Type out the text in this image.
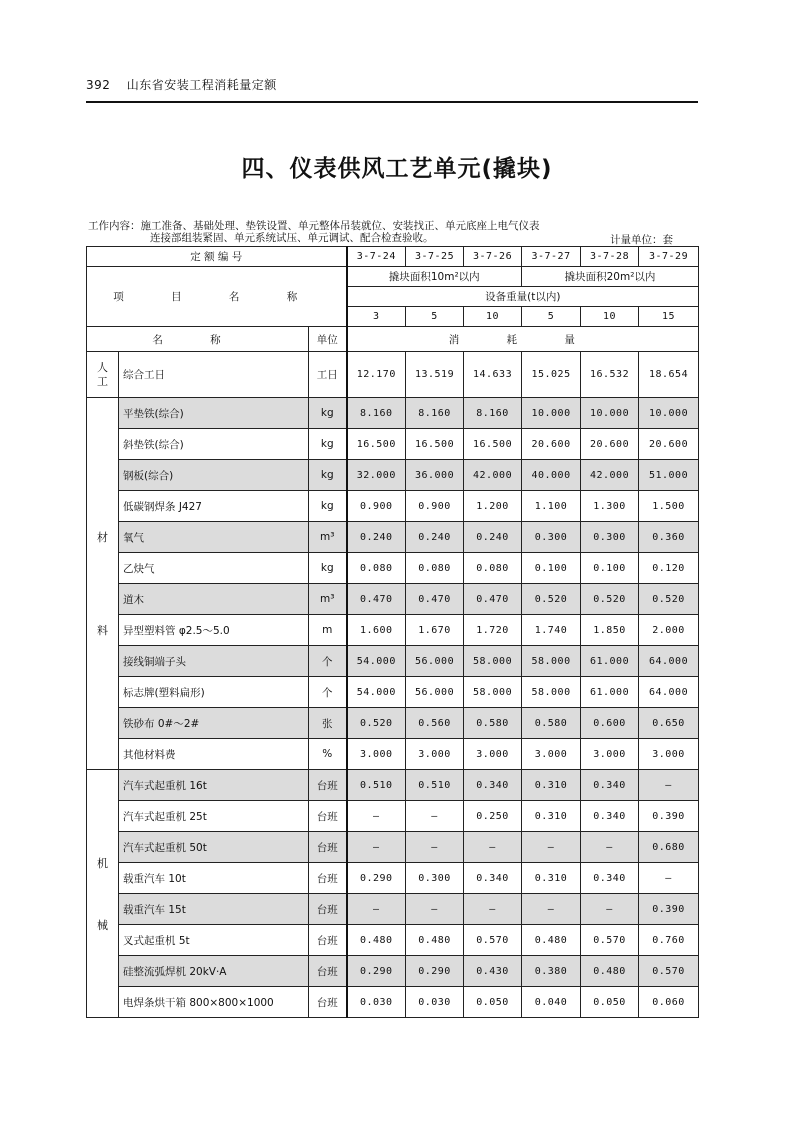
392 山东省安装工程消耗量定额
四、仪表供风工艺单元(撬块)
工作内容：施工准备、基础处理、垫铁设置、单元整体吊装就位、安装找正、单元底座上电气仪表
连接部组装紧固、单元系统试压、单元调试、配合检查验收。	计量单位：套
定 额 编 号			3-7-24	3-7-25	3-7-26	3-7-27	3-7-28	3-7-29
项 目 名 称			撬块面积10m²以内			撬块面积20m²以内		
			设备重量(t以内)					
			3	5	10	5	10	15
名 称		单位	消 耗 量					
人工	综合工日	工日	12.170	13.519	14.633	15.025	16.532	18.654

材
料	平垫铁(综合)	kg	8.160	8.160	8.160	10.000	10.000	10.000
	斜垫铁(综合)	kg	16.500	16.500	16.500	20.600	20.600	20.600
	钢板(综合)	kg	32.000	36.000	42.000	40.000	42.000	51.000
	低碳钢焊条 J427	kg	0.900	0.900	1.200	1.100	1.300	1.500
	氧气	m³	0.240	0.240	0.240	0.300	0.300	0.360
	乙炔气	kg	0.080	0.080	0.080	0.100	0.100	0.120
	道木	m³	0.470	0.470	0.470	0.520	0.520	0.520
	异型塑料管 φ2.5～5.0	m	1.600	1.670	1.720	1.740	1.850	2.000
	接线铜端子头	个	54.000	56.000	58.000	58.000	61.000	64.000
	标志牌(塑料扁形)	个	54.000	56.000	58.000	58.000	61.000	64.000
	铁砂布 0#～2#	张	0.520	0.560	0.580	0.580	0.600	0.650
	其他材料费	%	3.000	3.000	3.000	3.000	3.000	3.000

机
械	汽车式起重机 16t	台班	0.510	0.510	0.340	0.310	0.340	—
	汽车式起重机 25t	台班	—	—	0.250	0.310	0.340	0.390
	汽车式起重机 50t	台班	—	—	—	—	—	0.680
	载重汽车 10t	台班	0.290	0.300	0.340	0.310	0.340	—
	载重汽车 15t	台班	—	—	—	—	—	0.390
	叉式起重机 5t	台班	0.480	0.480	0.570	0.480	0.570	0.760
	硅整流弧焊机 20kV·A	台班	0.290	0.290	0.430	0.380	0.480	0.570
	电焊条烘干箱 800×800×1000	台班	0.030	0.030	0.050	0.040	0.050	0.060
